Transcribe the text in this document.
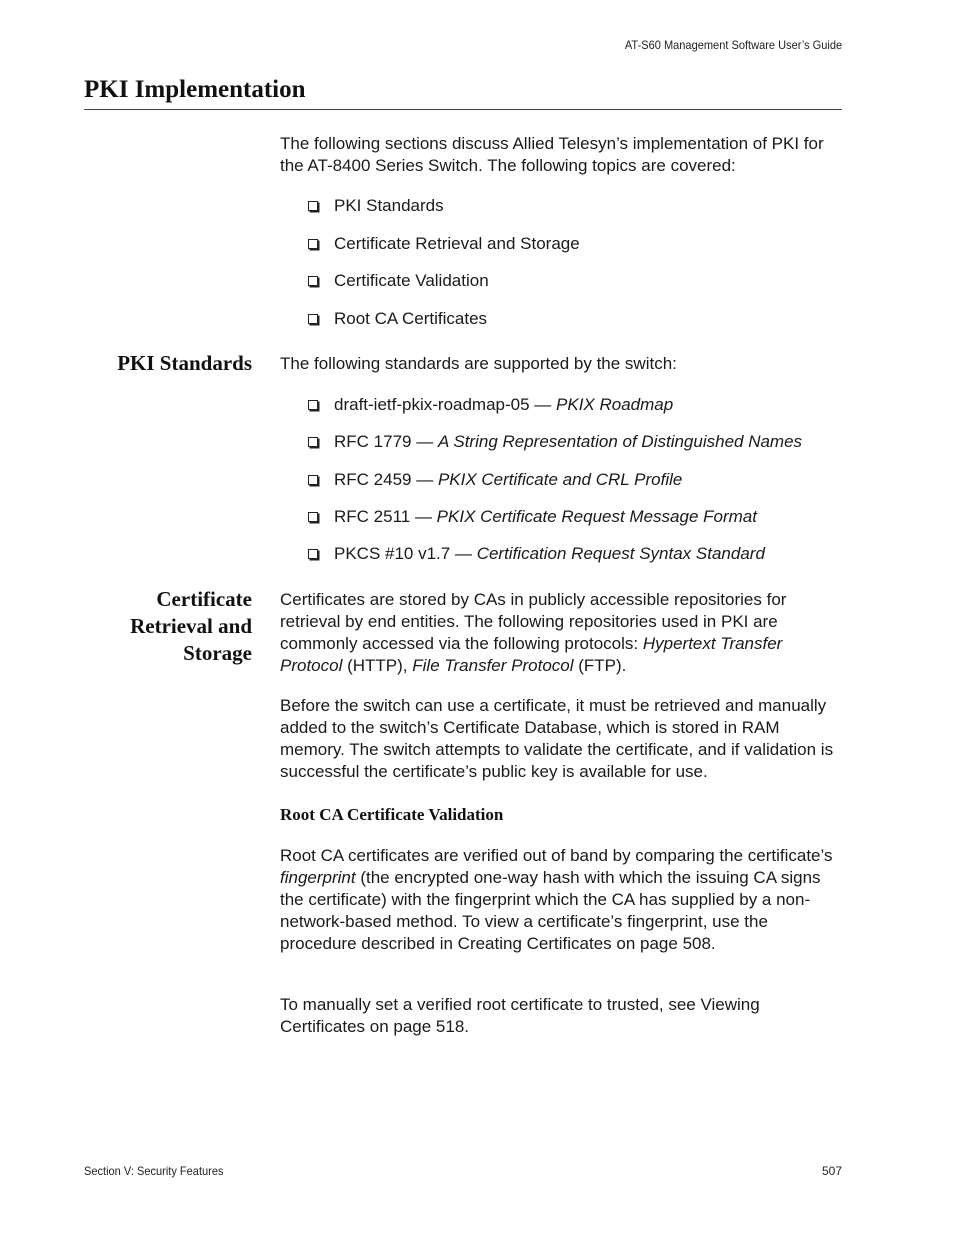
AT-S60 Management Software User’s Guide
PKI Implementation

The following sections discuss Allied Telesyn’s implementation of PKI for the AT-8400 Series Switch. The following topics are covered:

PKI Standards

Certificate Retrieval and Storage

Certificate Validation

Root CA Certificates

PKI Standards The following standards are supported by the switch:

draft-ietf-pkix-roadmap-05 — PKIX Roadmap

RFC 1779 — A String Representation of Distinguished Names

RFC 2459 — PKIX Certificate and CRL Profile

RFC 2511 — PKIX Certificate Request Message Format

PKCS #10 v1.7 — Certification Request Syntax Standard

Certificate
Retrieval and
Storage

Certificates are stored by CAs in publicly accessible repositories for retrieval by end entities. The following repositories used in PKI are commonly accessed via the following protocols: Hypertext Transfer Protocol (HTTP), File Transfer Protocol (FTP).

Before the switch can use a certificate, it must be retrieved and manually added to the switch’s Certificate Database, which is stored in RAM memory. The switch attempts to validate the certificate, and if validation is successful the certificate’s public key is available for use.

Root CA Certificate Validation

Root CA certificates are verified out of band by comparing the certificate’s fingerprint (the encrypted one-way hash with which the issuing CA signs the certificate) with the fingerprint which the CA has supplied by a non-network-based method. To view a certificate’s fingerprint, use the procedure described in Creating Certificates on page 508.

To manually set a verified root certificate to trusted, see Viewing Certificates on page 518.

Section V: Security Features	507
